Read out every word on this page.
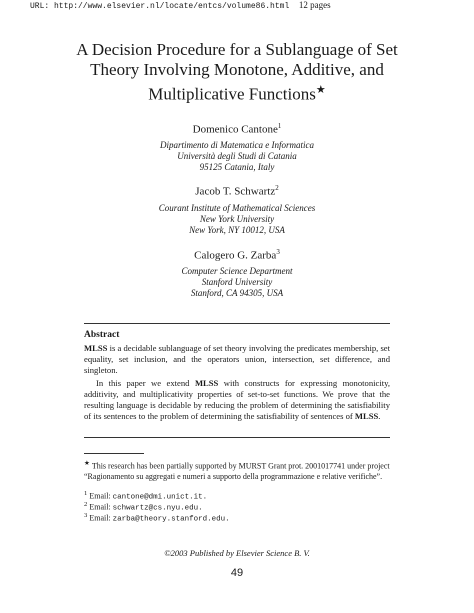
URL: http://www.elsevier.nl/locate/entcs/volume86.html 12 pages
A Decision Procedure for a Sublanguage of Set
Theory Involving Monotone, Additive, and
Multiplicative Functions★
Domenico Cantone$^1$
Dipartimento di Matematica e Informatica
Università degli Studi di Catania
95125 Catania, Italy
Jacob T. Schwartz$^2$
Courant Institute of Mathematical Sciences
New York University
New York, NY 10012, USA
Calogero G. Zarba$^3$
Computer Science Department
Stanford University
Stanford, CA 94305, USA
Abstract
MLSS is a decidable sublanguage of set theory involving the predicates membership, set equality, set inclusion, and the operators union, intersection, set difference, and singleton.
In this paper we extend MLSS with constructs for expressing monotonicity, additivity, and multiplicativity properties of set-to-set functions. We prove that the resulting language is decidable by reducing the problem of determining the satisfiability of its sentences to the problem of determining the satisfiability of sentences of MLSS.
★ This research has been partially supported by MURST Grant prot. 2001017741 under project “Ragionamento su aggregati e numeri a supporto della programmazione e relative verifiche”.
$^1$ Email: cantone@dmi.unict.it.
$^2$ Email: schwartz@cs.nyu.edu.
$^3$ Email: zarba@theory.stanford.edu.
©2003 Published by Elsevier Science B. V.
49
